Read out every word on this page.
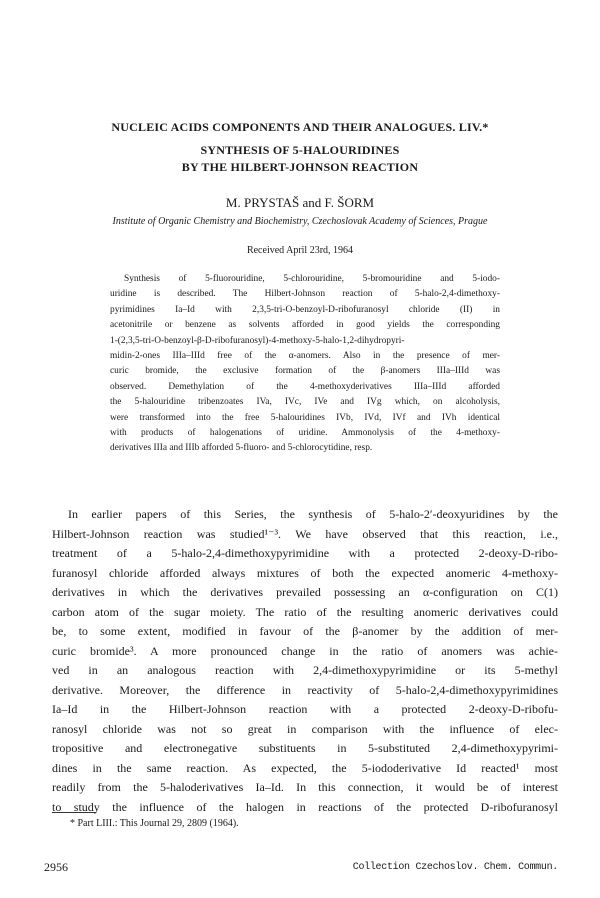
NUCLEIC ACIDS COMPONENTS AND THEIR ANALOGUES. LIV.*
SYNTHESIS OF 5-HALOURIDINES
BY THE HILBERT-JOHNSON REACTION

M. PRYSTAŠ and F. ŠORM

Institute of Organic Chemistry and Biochemistry, Czechoslovak Academy of Sciences, Prague

Received April 23rd, 1964

Synthesis of 5-fluorouridine, 5-chlorouridine, 5-bromouridine and 5-iodo-
uridine is described. The Hilbert-Johnson reaction of 5-halo-2,4-dimethoxy-
pyrimidines Ia–Id with 2,3,5-tri-O-benzoyl-D-ribofuranosyl chloride (II) in
acetonitrile or benzene as solvents afforded in good yields the corresponding
1-(2,3,5-tri-O-benzoyl-β-D-ribofuranosyl)-4-methoxy-5-halo-1,2-dihydropyri-
midin-2-ones IIIa–IIId free of the α-anomers. Also in the presence of mer-
curic bromide, the exclusive formation of the β-anomers IIIa–IIId was
observed. Demethylation of the 4-methoxyderivatives IIIa–IIId afforded
the 5-halouridine tribenzoates IVa, IVc, IVe and IVg which, on alcoholysis,
were transformed into the free 5-halouridines IVb, IVd, IVf and IVh identical
with products of halogenations of uridine. Ammonolysis of the 4-methoxy-
derivatives IIIa and IIIb afforded 5-fluoro- and 5-chlorocytidine, resp.
In earlier papers of this Series, the synthesis of 5-halo-2′-deoxyuridines by the
Hilbert-Johnson reaction was studied¹⁻³. We have observed that this reaction, i.e.,
treatment of a 5-halo-2,4-dimethoxypyrimidine with a protected 2-deoxy-D-ribo-
furanosyl chloride afforded always mixtures of both the expected anomeric 4-methoxy-
derivatives in which the derivatives prevailed possessing an α-configuration on C(1)
carbon atom of the sugar moiety. The ratio of the resulting anomeric derivatives could
be, to some extent, modified in favour of the β-anomer by the addition of mer-
curic bromide³. A more pronounced change in the ratio of anomers was achie-
ved in an analogous reaction with 2,4-dimethoxypyrimidine or its 5-methyl
derivative. Moreover, the difference in reactivity of 5-halo-2,4-dimethoxypyrimidines
Ia–Id in the Hilbert-Johnson reaction with a protected 2-deoxy-D-ribofu-
ranosyl chloride was not so great in comparison with the influence of elec-
tropositive and electronegative substituents in 5-substituted 2,4-dimethoxypyrimi-
dines in the same reaction. As expected, the 5-iododerivative Id reacted¹ most
readily from the 5-haloderivatives Ia–Id. In this connection, it would be of interest
to study the influence of the halogen in reactions of the protected D-ribofuranosyl

* Part LIII.: This Journal 29, 2809 (1964).

2956	Collection Czechoslov. Chem. Commun.
